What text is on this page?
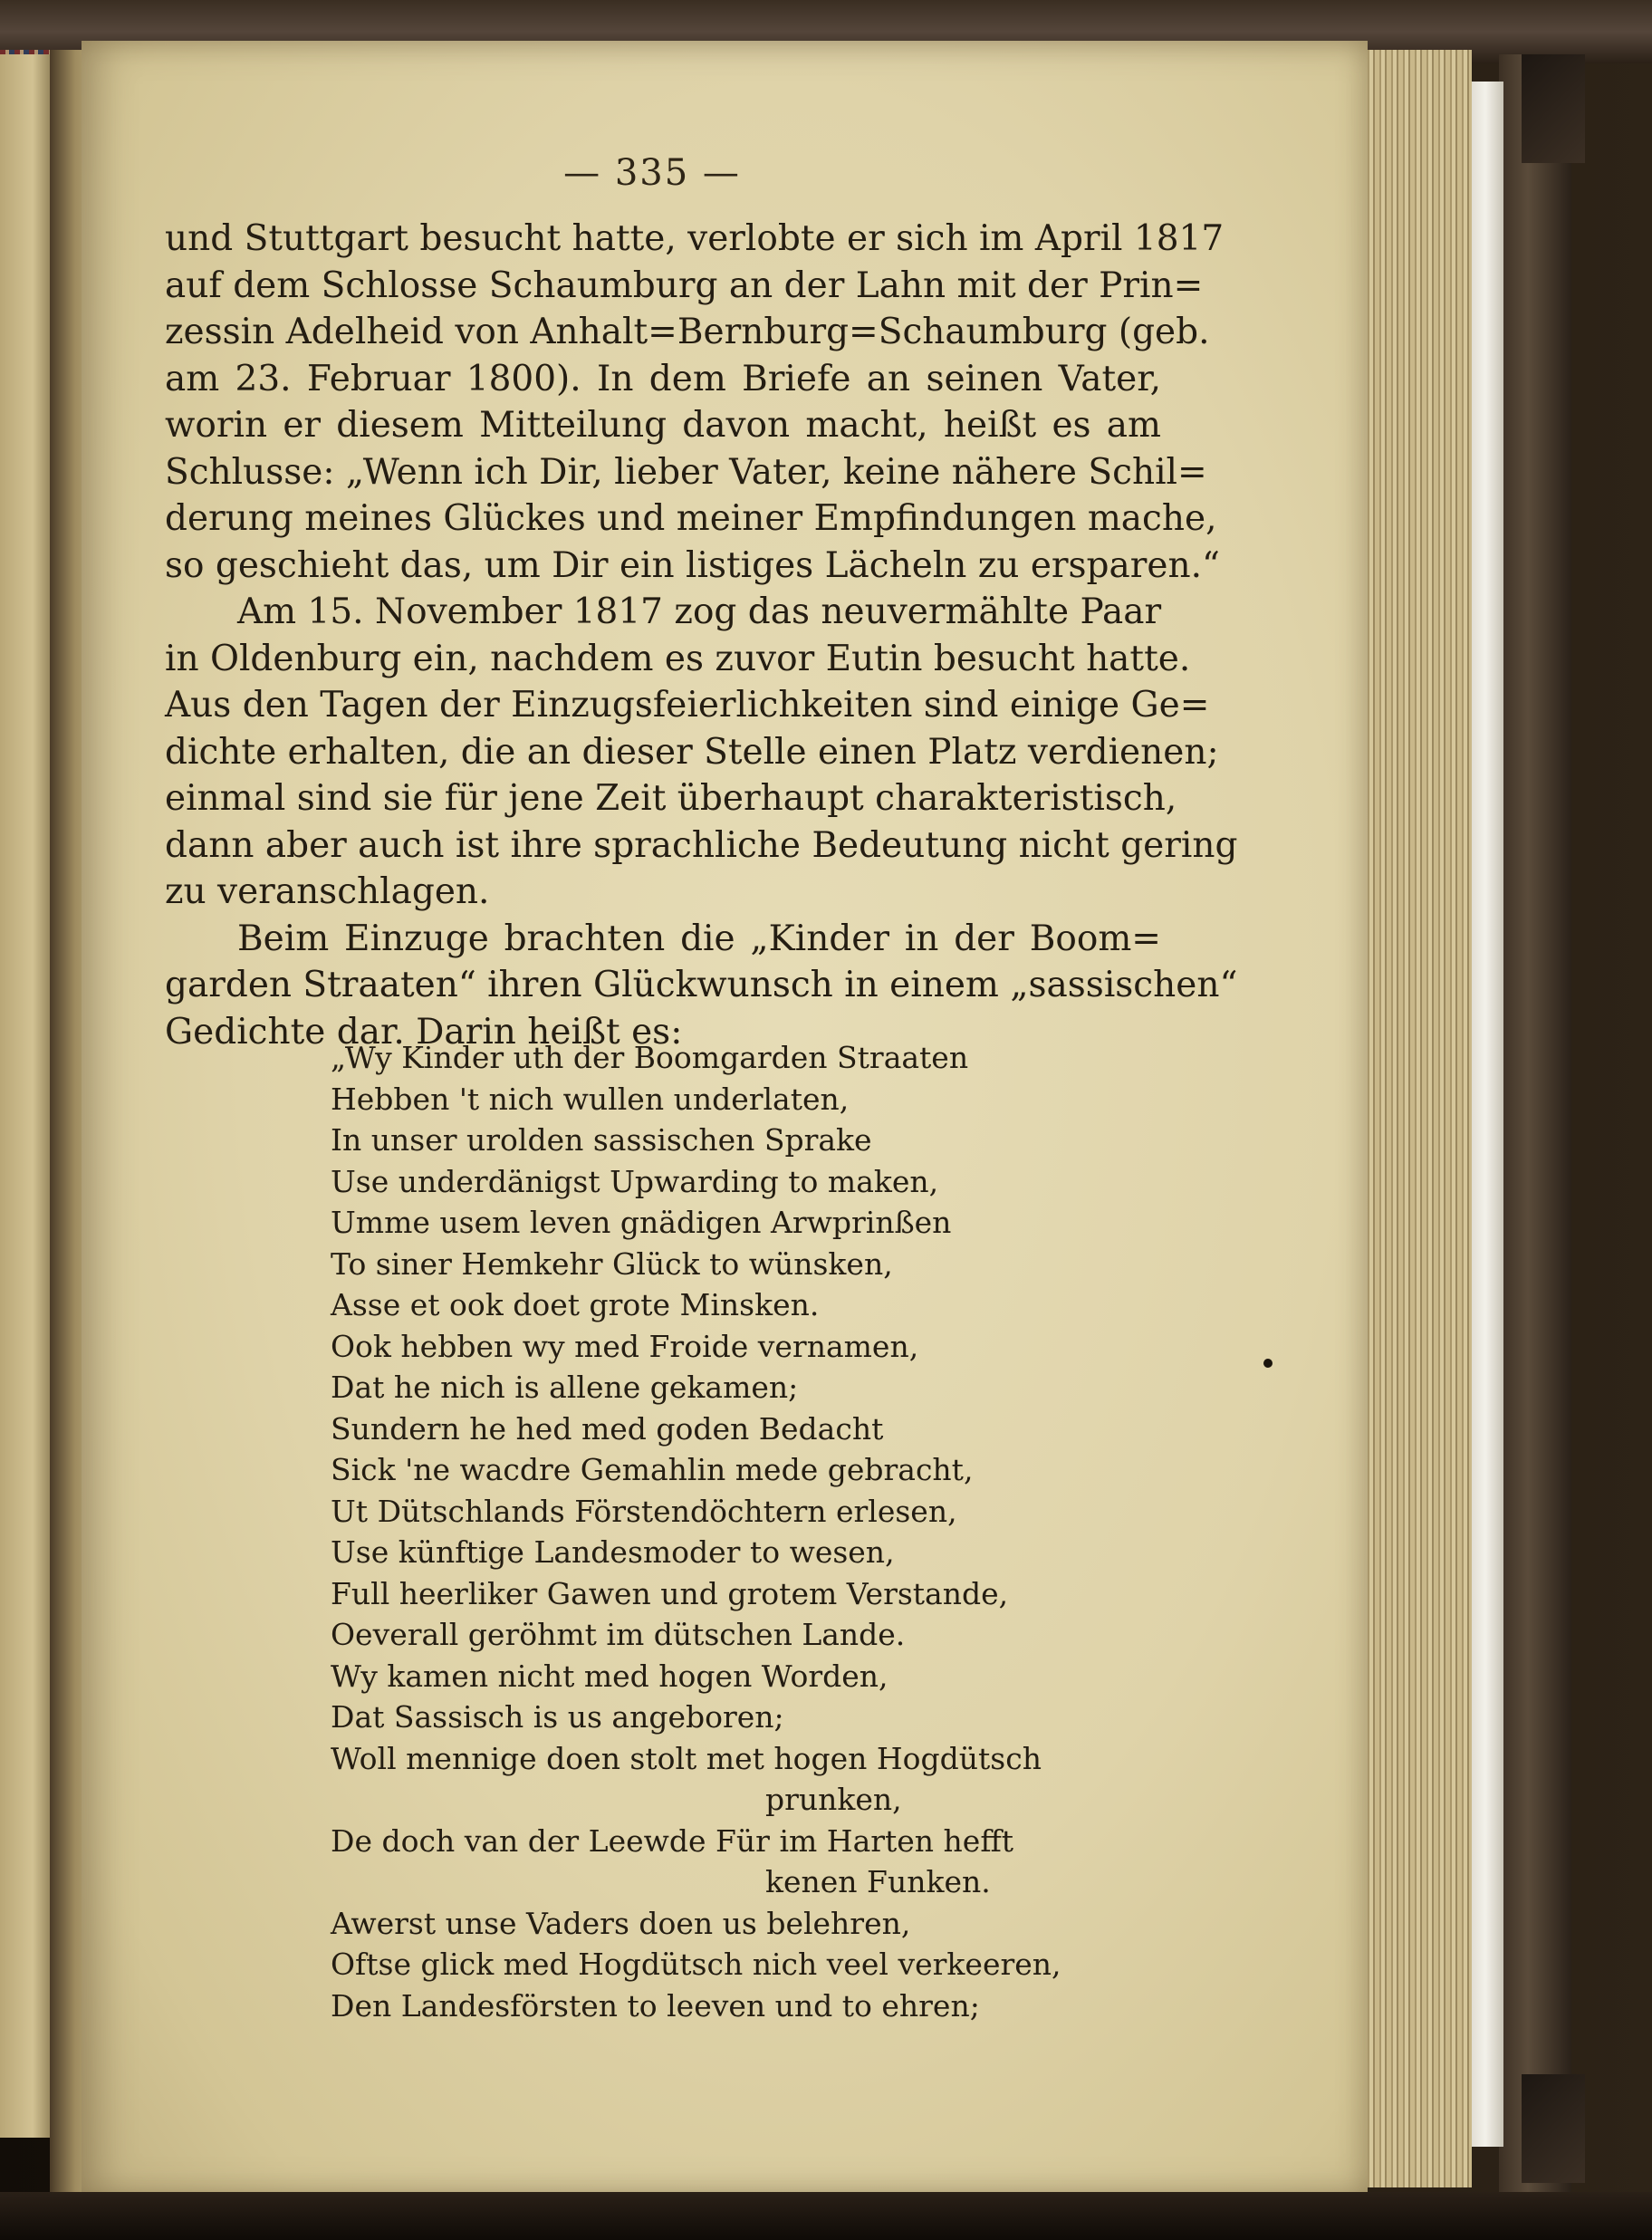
— 335 —
und Stuttgart besucht hatte, verlobte er sich im April 1817
auf dem Schlosse Schaumburg an der Lahn mit der Prin=
zessin Adelheid von Anhalt=Bernburg=Schaumburg (geb.
am 23. Februar 1800). In dem Briefe an seinen Vater,
worin er diesem Mitteilung davon macht, heißt es am
Schlusse: „Wenn ich Dir, lieber Vater, keine nähere Schil=
derung meines Glückes und meiner Empfindungen mache,
so geschieht das, um Dir ein listiges Lächeln zu ersparen.“
Am 15. November 1817 zog das neuvermählte Paar
in Oldenburg ein, nachdem es zuvor Eutin besucht hatte.
Aus den Tagen der Einzugsfeierlichkeiten sind einige Ge=
dichte erhalten, die an dieser Stelle einen Platz verdienen;
einmal sind sie für jene Zeit überhaupt charakteristisch,
dann aber auch ist ihre sprachliche Bedeutung nicht gering
zu veranschlagen.
Beim Einzuge brachten die „Kinder in der Boom=
garden Straaten“ ihren Glückwunsch in einem „sassischen“
Gedichte dar. Darin heißt es:
„Wy Kinder uth der Boomgarden Straaten
Hebben 't nich wullen underlaten,
In unser urolden sassischen Sprake
Use underdänigst Upwarding to maken,
Umme usem leven gnädigen Arwprinßen
To siner Hemkehr Glück to wünsken,
Asse et ook doet grote Minsken.
Ook hebben wy med Froide vernamen,
Dat he nich is allene gekamen;
Sundern he hed med goden Bedacht
Sick 'ne wacdre Gemahlin mede gebracht,
Ut Dütschlands Förstendöchtern erlesen,
Use künftige Landesmoder to wesen,
Full heerliker Gawen und grotem Verstande,
Oeverall geröhmt im dütschen Lande.
Wy kamen nicht med hogen Worden,
Dat Sassisch is us angeboren;
Woll mennige doen stolt met hogen Hogdütsch
prunken,
De doch van der Leewde Für im Harten hefft
kenen Funken.
Awerst unse Vaders doen us belehren,
Oftse glick med Hogdütsch nich veel verkeeren,
Den Landesförsten to leeven und to ehren;
